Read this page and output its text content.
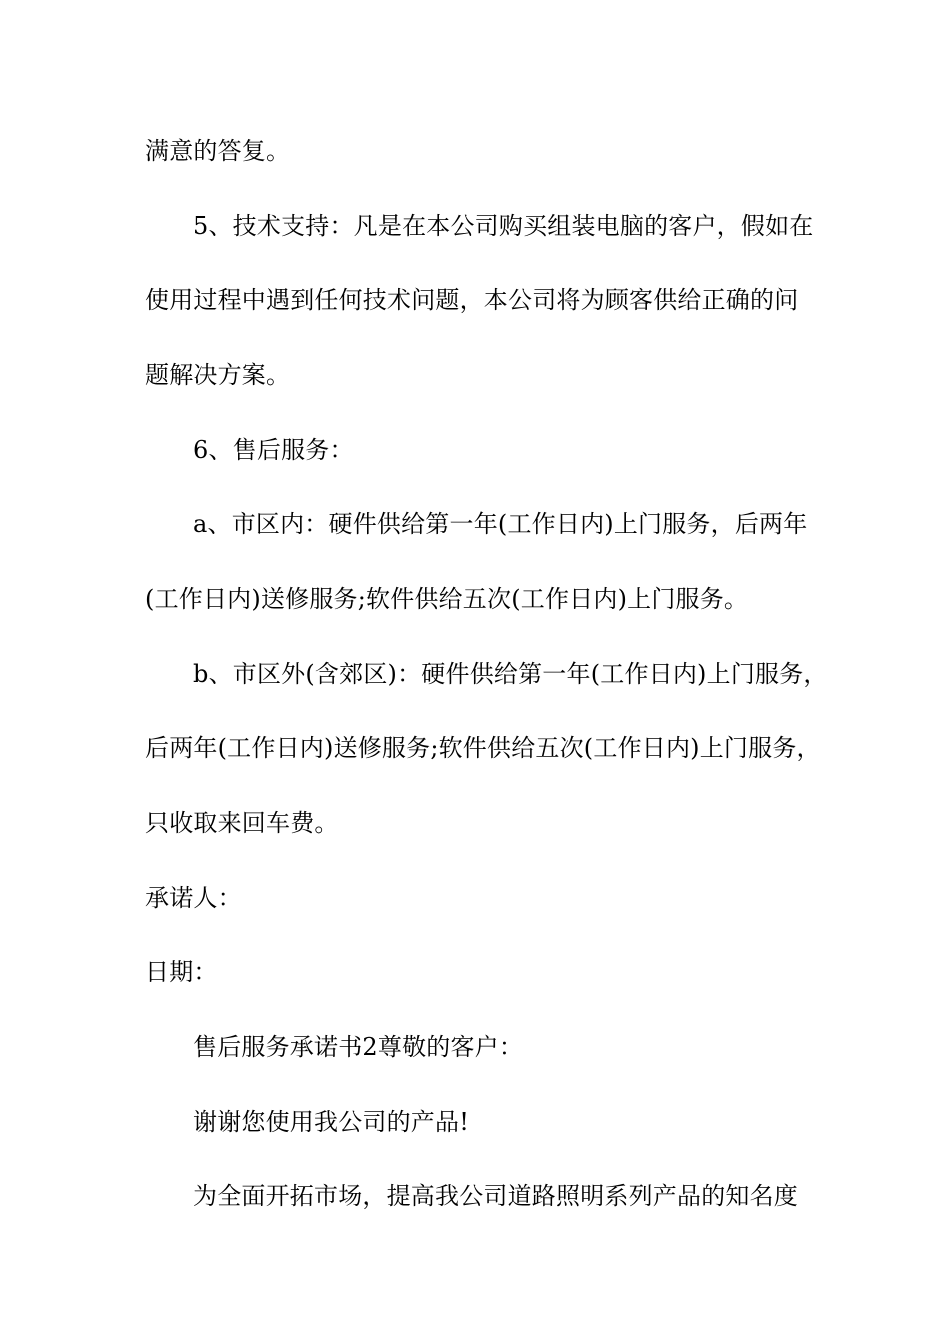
满意的答复。
5、技术支持：凡是在本公司购买组装电脑的客户，假如在
使用过程中遇到任何技术问题，本公司将为顾客供给正确的问
题解决方案。
6、售后服务：
a、市区内：硬件供给第一年(工作日内)上门服务，后两年
(工作日内)送修服务;软件供给五次(工作日内)上门服务。
b、市区外(含郊区)：硬件供给第一年(工作日内)上门服务，
后两年(工作日内)送修服务;软件供给五次(工作日内)上门服务，
只收取来回车费。
承诺人：
日期：
售后服务承诺书2尊敬的客户：
谢谢您使用我公司的产品!
为全面开拓市场，提高我公司道路照明系列产品的知名度
